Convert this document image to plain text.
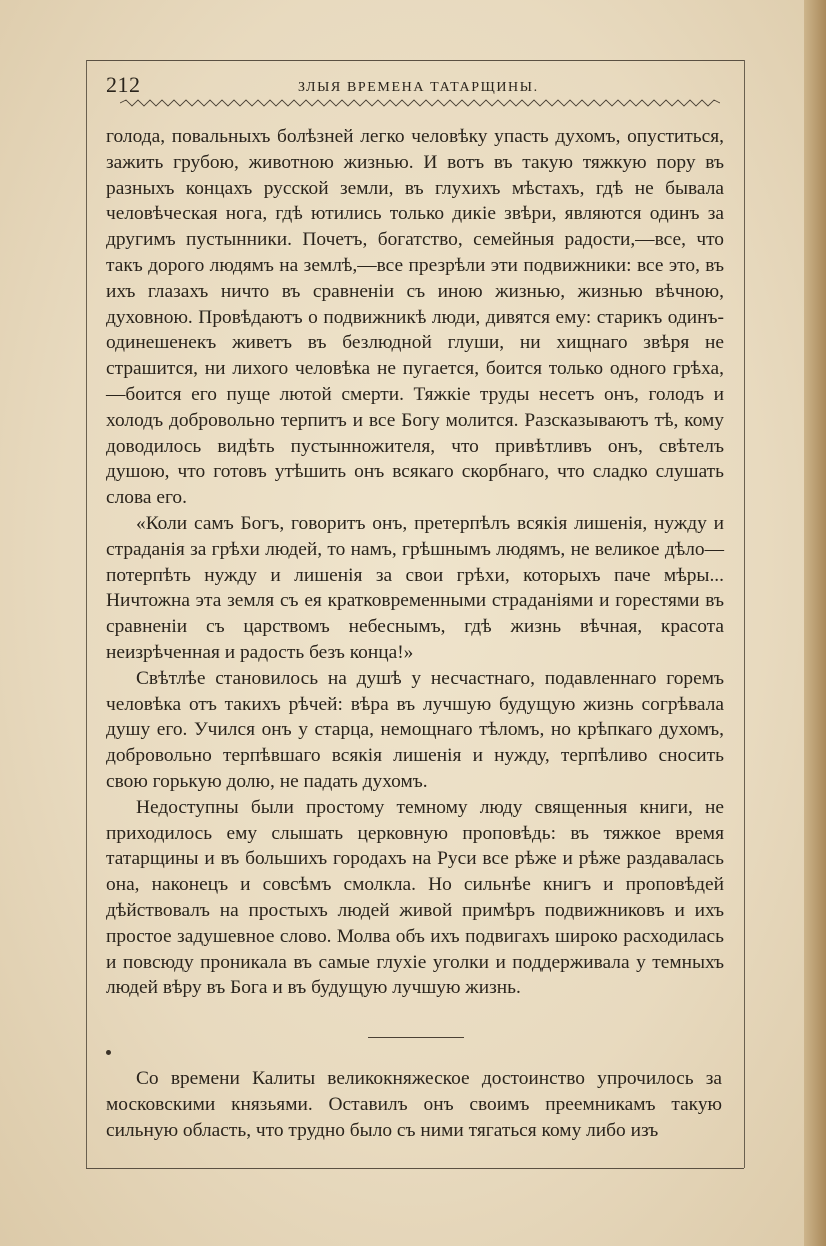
212	ЗЛЫЯ ВРЕМЕНА ТАТАРЩИНЫ.

голода, повальныхъ болѣзней легко человѣку упасть духомъ, опуститься, зажить грубою, животною жизнью. И вотъ въ такую тяжкую пору въ разныхъ концахъ русской земли, въ глухихъ мѣстахъ, гдѣ не бывала человѣческая нога, гдѣ ютились только дикіе звѣри, являются одинъ за другимъ пустынники. Почетъ, богатство, семейныя радости,—все, что такъ дорого людямъ на землѣ,—все презрѣли эти подвижники: все это, въ ихъ глазахъ ничто въ сравненіи съ иною жизнью, жизнью вѣчною, духовною. Провѣдаютъ о подвижникѣ люди, дивятся ему: старикъ одинъ-одинешенекъ живетъ въ безлюдной глуши, ни хищнаго звѣря не страшится, ни лихого человѣка не пугается, боится только одного грѣха,—боится его пуще лютой смерти. Тяжкіе труды несетъ онъ, голодъ и холодъ добровольно терпитъ и все Богу молится. Разсказываютъ тѣ, кому доводилось видѣть пустынножителя, что привѣтливъ онъ, свѣтелъ душою, что готовъ утѣшить онъ всякаго скорбнаго, что сладко слушать слова его.

«Коли самъ Богъ, говоритъ онъ, претерпѣлъ всякія лишенія, нужду и страданія за грѣхи людей, то намъ, грѣшнымъ людямъ, не великое дѣло—потерпѣть нужду и лишенія за свои грѣхи, которыхъ паче мѣры... Ничтожна эта земля съ ея кратковременными страданіями и горестями въ сравненіи съ царствомъ небеснымъ, гдѣ жизнь вѣчная, красота неизрѣченная и радость безъ конца!»

Свѣтлѣе становилось на душѣ у несчастнаго, подавленнаго горемъ человѣка отъ такихъ рѣчей: вѣра въ лучшую будущую жизнь согрѣвала душу его. Учился онъ у старца, немощнаго тѣломъ, но крѣпкаго духомъ, добровольно терпѣвшаго всякія лишенія и нужду, терпѣливо сносить свою горькую долю, не падать духомъ.

Недоступны были простому темному люду священныя книги, не приходилось ему слышать церковную проповѣдь: въ тяжкое время татарщины и въ большихъ городахъ на Руси все рѣже и рѣже раздавалась она, наконецъ и совсѣмъ смолкла. Но сильнѣе книгъ и проповѣдей дѣйствовалъ на простыхъ людей живой примѣръ подвижниковъ и ихъ простое задушевное слово. Молва объ ихъ подвигахъ широко расходилась и повсюду проникала въ самые глухіе уголки и поддерживала у темныхъ людей вѣру въ Бога и въ будущую лучшую жизнь.

Со времени Калиты великокняжеское достоинство упрочилось за московскими князьями. Оставилъ онъ своимъ преемникамъ такую сильную область, что трудно было съ ними тягаться кому либо изъ
